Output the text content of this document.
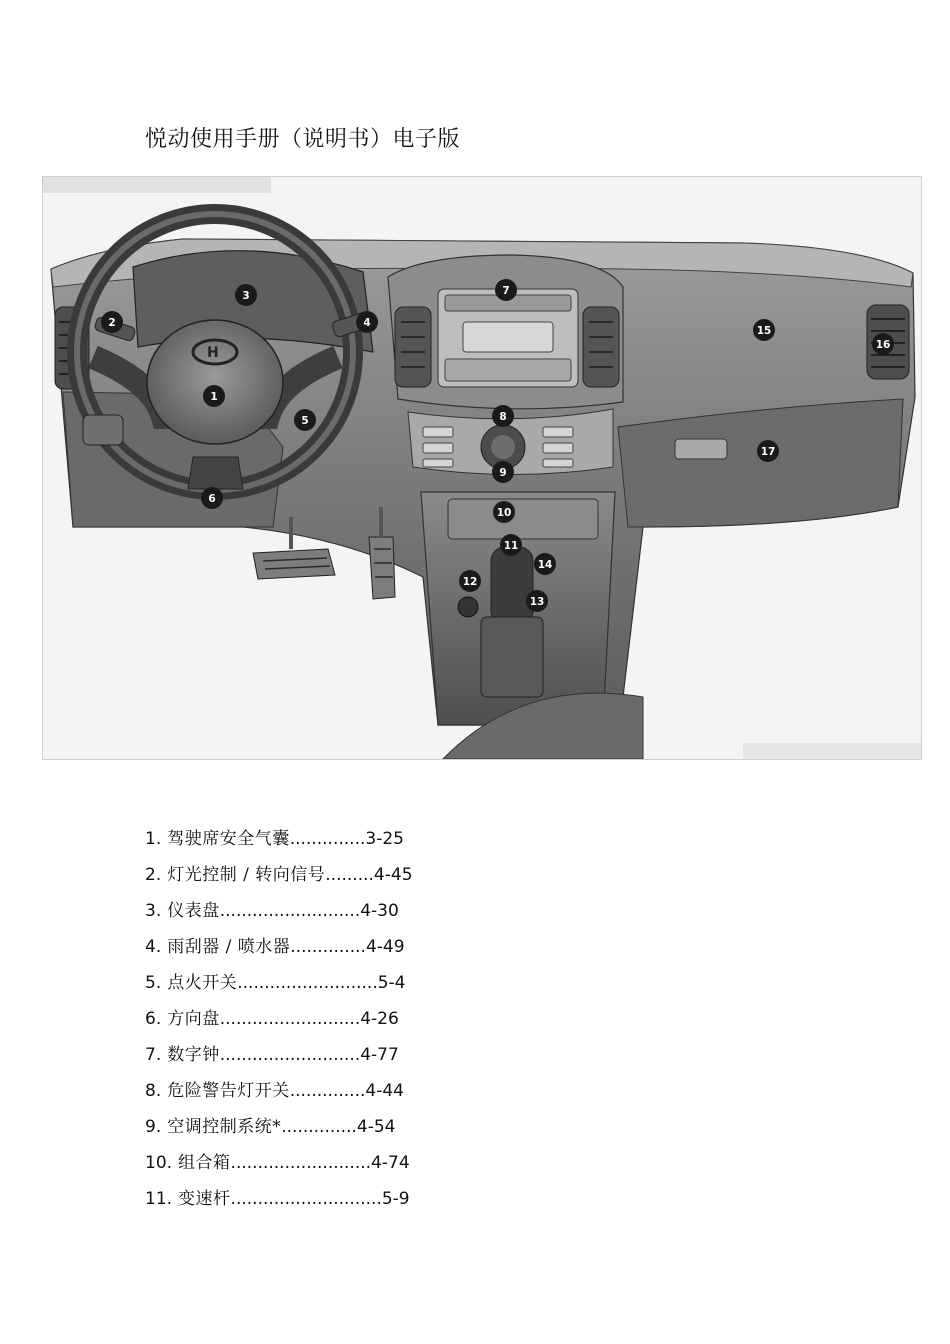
悦动使用手册（说明书）电子版
H
1
2
3
4
5
6
7
8
9
10
11
12
13
14
15
16
17
1. 驾驶席安全气囊..............3-25
2. 灯光控制 / 转向信号.........4-45
3. 仪表盘..........................4-30
4. 雨刮器 / 喷水器..............4-49
5. 点火开关..........................5-4
6. 方向盘..........................4-26
7. 数字钟..........................4-77
8. 危险警告灯开关..............4-44
9. 空调控制系统*..............4-54
10. 组合箱..........................4-74
11. 变速杆............................5-9
